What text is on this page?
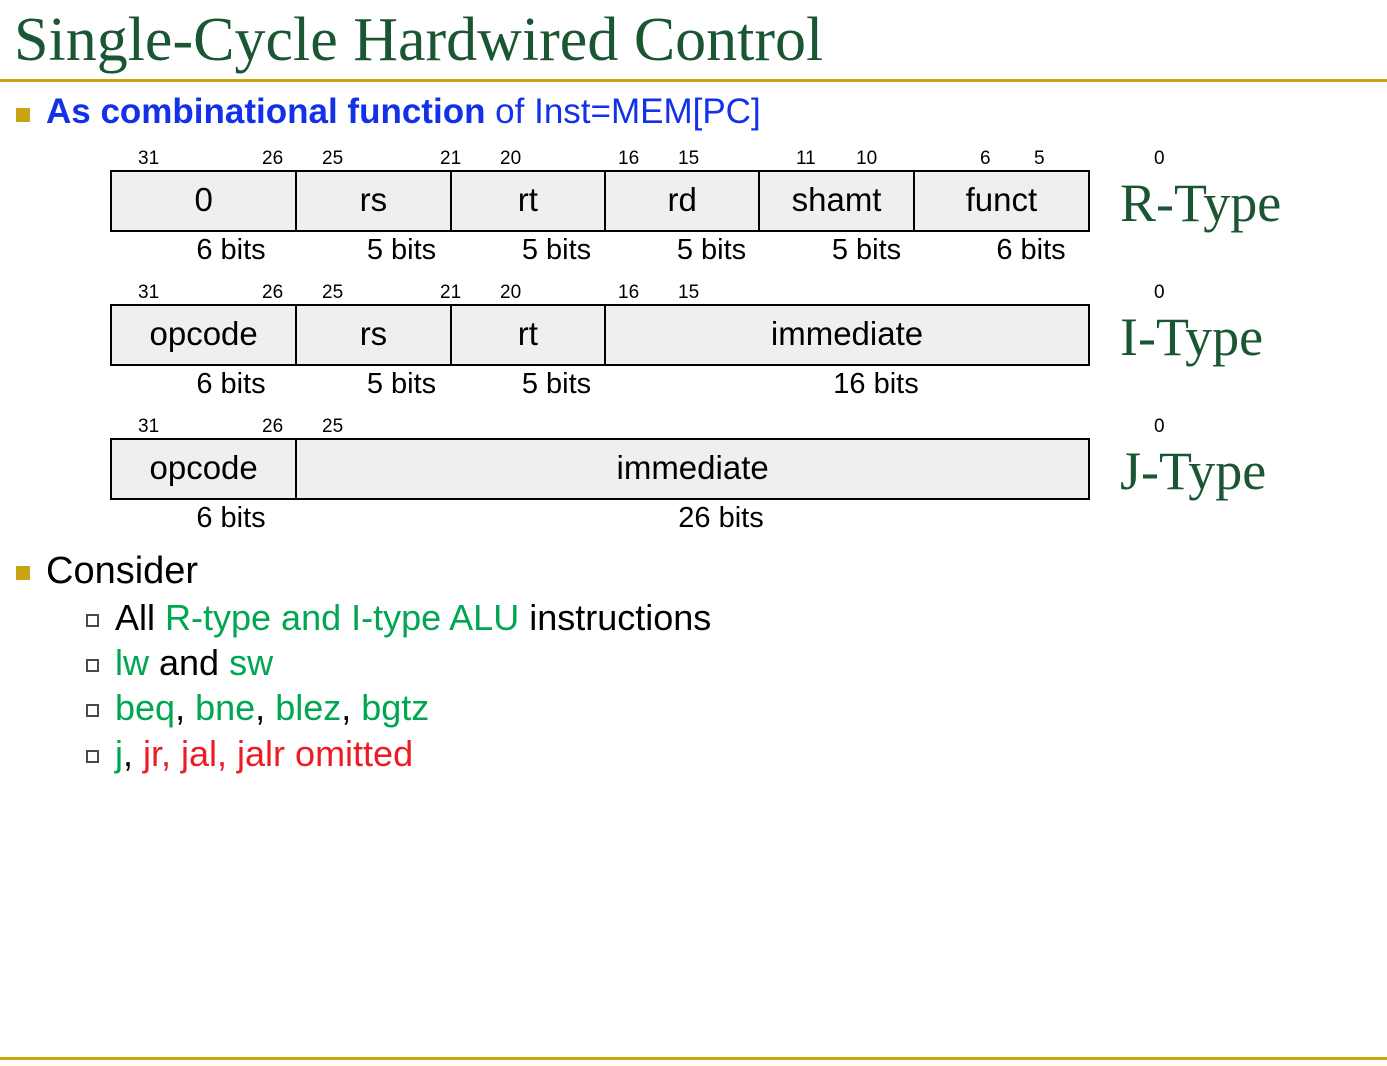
Single-Cycle Hardwired Control
As combinational function of Inst=MEM[PC]
31	26 25	21 20	16 15	11 10	6 5	0
0	rs	rt	rd	shamt	funct
6 bits	5 bits	5 bits	5 bits	5 bits	6 bits
R-Type
31	26 25	21 20	16 15	0
opcode	rs	rt	immediate
6 bits	5 bits	5 bits	16 bits
I-Type
31	26 25	0
opcode	immediate
6 bits	26 bits
J-Type
Consider
All R-type and I-type ALU instructions
lw and sw
beq, bne, blez, bgtz
j, jr, jal, jalr omitted
